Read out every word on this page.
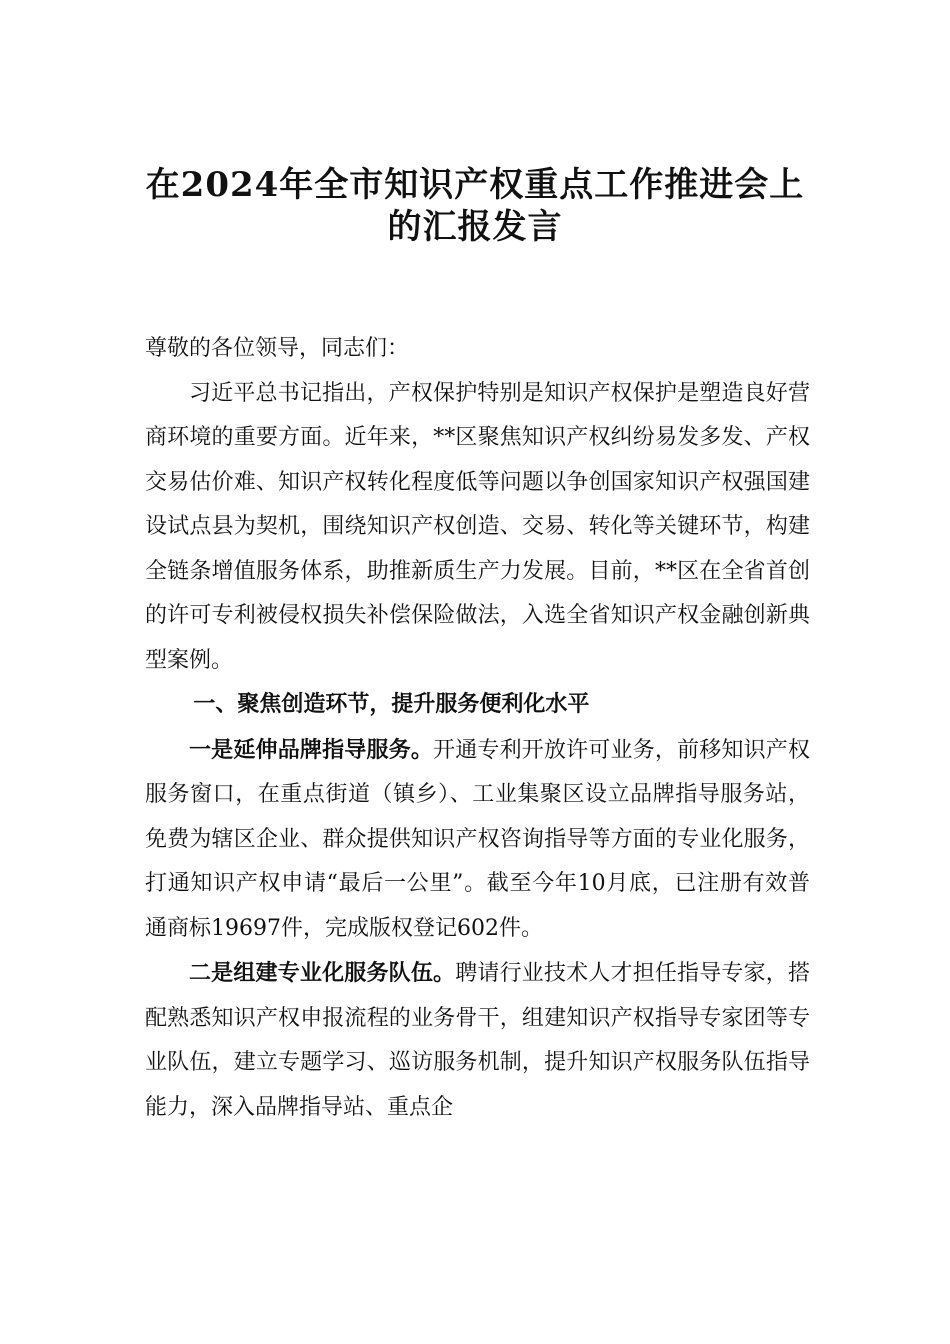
在2024年全市知识产权重点工作推进会上
的汇报发言

尊敬的各位领导，同志们：

习近平总书记指出，产权保护特别是知识产权保护是塑造良好营商环境的重要方面。近年来，**区聚焦知识产权纠纷易发多发、产权交易估价难、知识产权转化程度低等问题以争创国家知识产权强国建设试点县为契机，围绕知识产权创造、交易、转化等关键环节，构建全链条增值服务体系，助推新质生产力发展。目前，**区在全省首创的许可专利被侵权损失补偿保险做法，入选全省知识产权金融创新典型案例。

一、聚焦创造环节，提升服务便利化水平

一是延伸品牌指导服务。开通专利开放许可业务，前移知识产权服务窗口，在重点街道（镇乡）、工业集聚区设立品牌指导服务站，免费为辖区企业、群众提供知识产权咨询指导等方面的专业化服务，打通知识产权申请“最后一公里”。截至今年10月底，已注册有效普通商标19697件，完成版权登记602件。

二是组建专业化服务队伍。聘请行业技术人才担任指导专家，搭配熟悉知识产权申报流程的业务骨干，组建知识产权指导专家团等专业队伍，建立专题学习、巡访服务机制，提升知识产权服务队伍指导能力，深入品牌指导站、重点企
